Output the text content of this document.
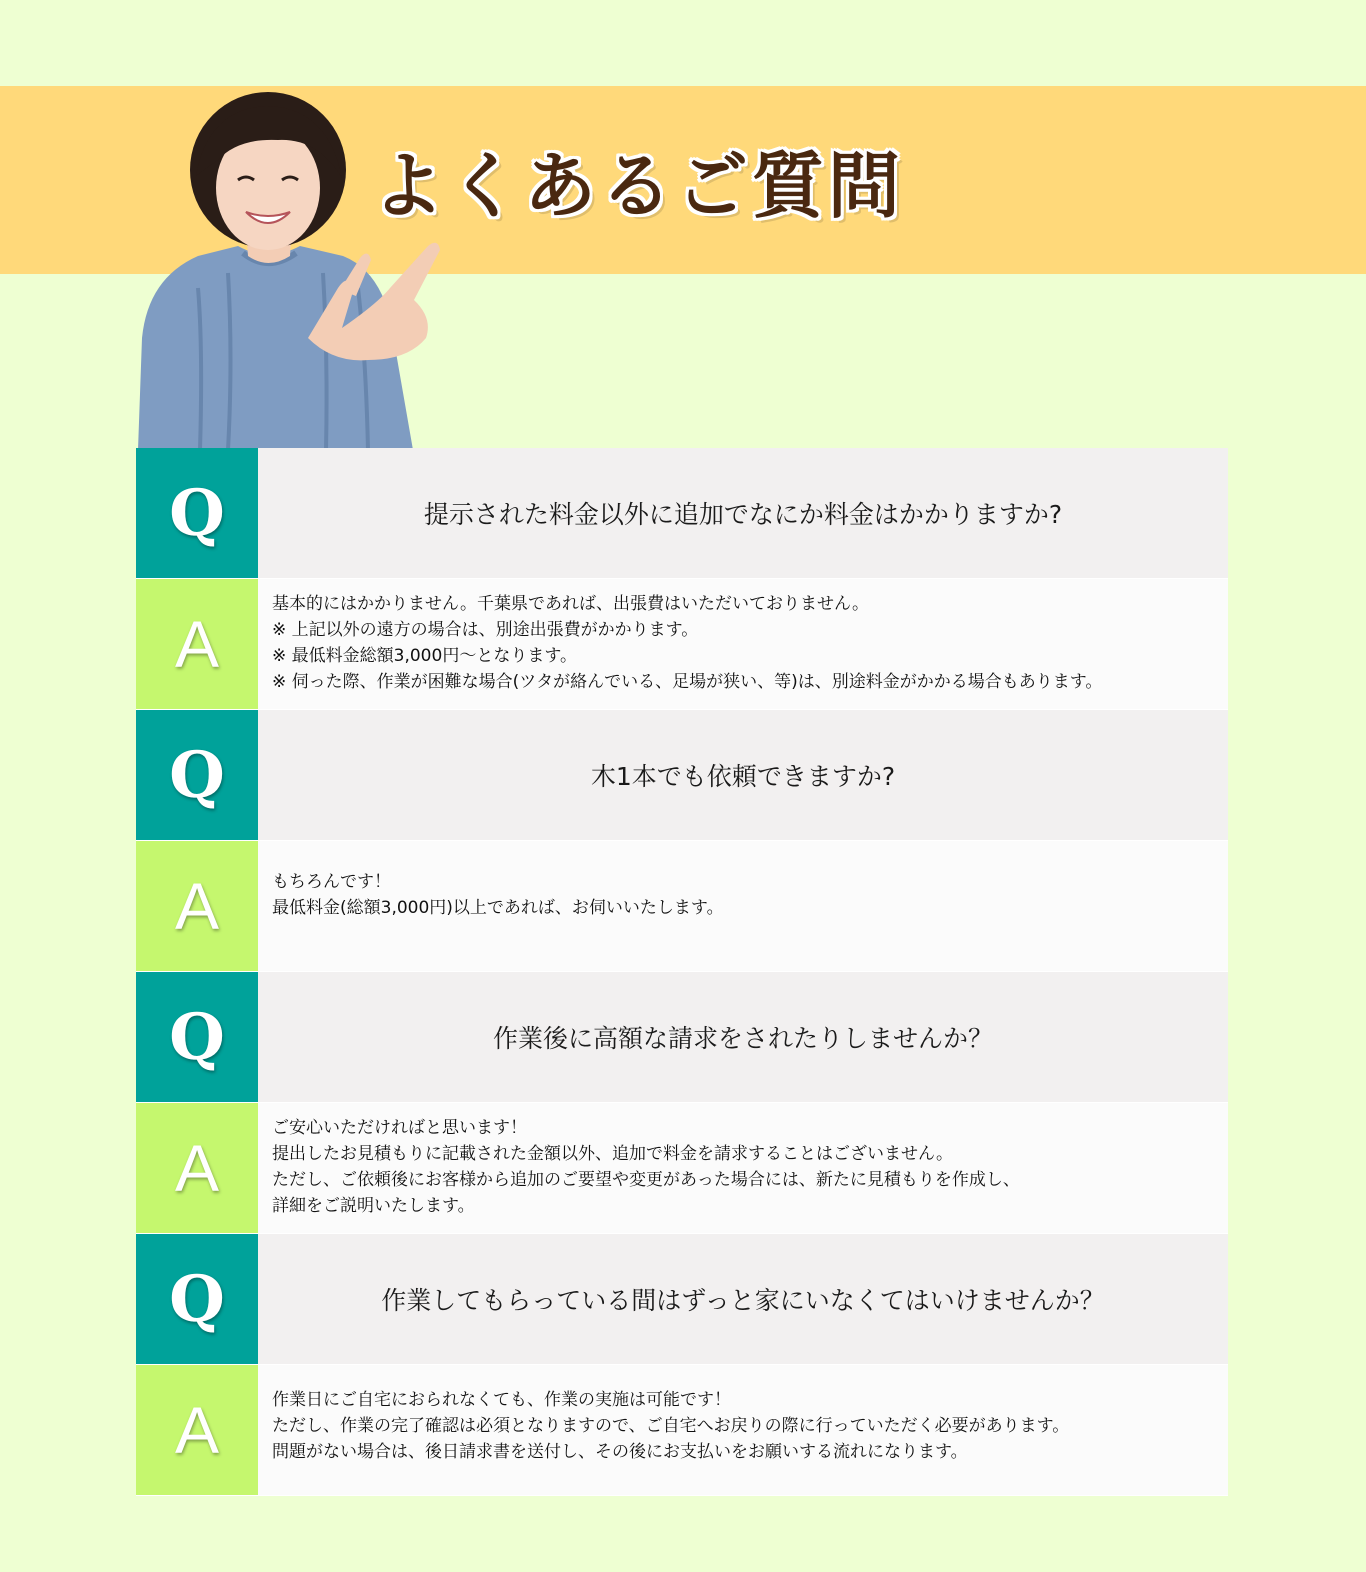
よくあるご質問
Q	提示された料金以外に追加でなにか料金はかかりますか?
A

基本的にはかかりません。千葉県であれば、出張費はいただいておりません。

※ 上記以外の遠方の場合は、別途出張費がかかります。

※ 最低料金総額3,000円～となります。

※ 伺った際、作業が困難な場合(ツタが絡んでいる、足場が狭い、等)は、別途料金がかかる場合もあります。

Q	木1本でも依頼できますか?
A	もちろんです！

最低料金(総額3,000円)以上であれば、お伺いいたします。

Q	作業後に高額な請求をされたりしませんか？
A

ご安心いただければと思います！

提出したお見積もりに記載された金額以外、追加で料金を請求することはございません。

ただし、ご依頼後にお客様から追加のご要望や変更があった場合には、新たに見積もりを作成し、

詳細をご説明いたします。

Q	作業してもらっている間はずっと家にいなくてはいけませんか？
A	作業日にご自宅におられなくても、作業の実施は可能です！

ただし、作業の完了確認は必須となりますので、ご自宅へお戻りの際に行っていただく必要があります。

問題がない場合は、後日請求書を送付し、その後にお支払いをお願いする流れになります。
